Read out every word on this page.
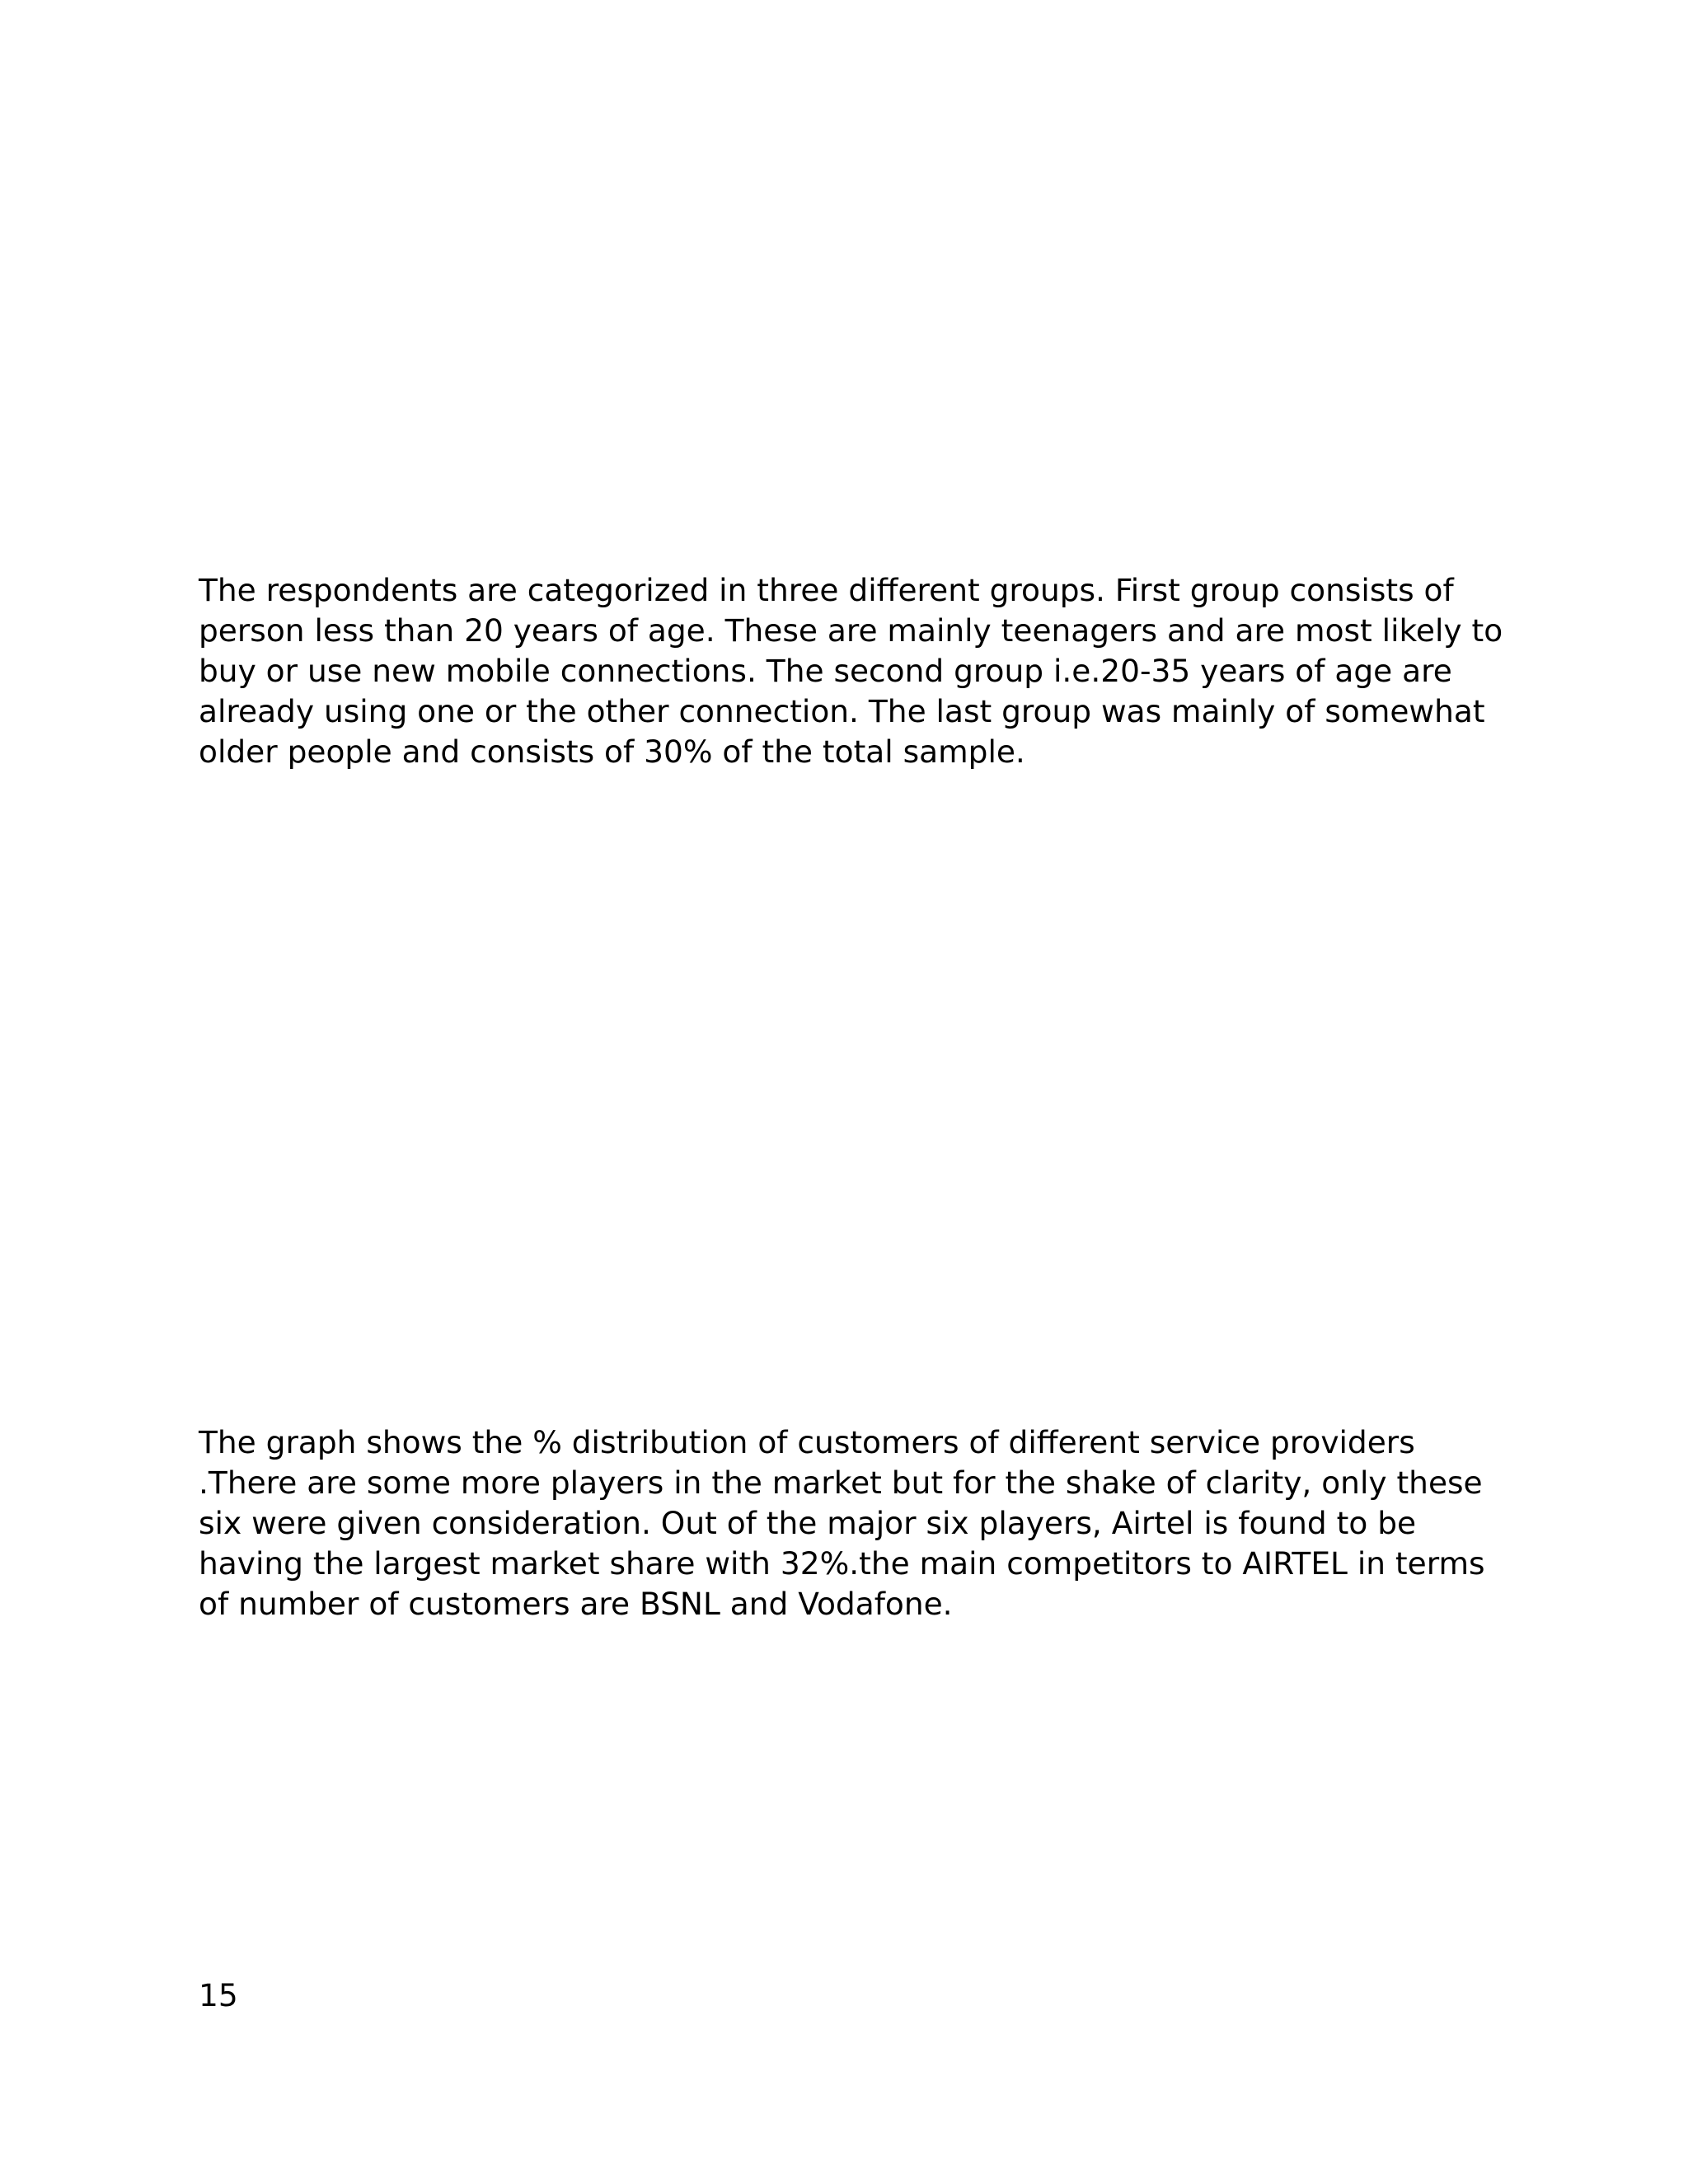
The respondents are categorized in three different groups. First group consists of
person less than 20 years of age. These are mainly teenagers and are most likely to
buy or use new mobile connections. The second group i.e.20-35 years of age are
already using one or the other connection. The last group was mainly of somewhat
older people and consists of 30% of the total sample.

The graph shows the % distribution of customers of different service providers
.There are some more players in the market but for the shake of clarity, only these
six were given consideration. Out of the major six players, Airtel is found to be
having the largest market share with 32%.the main competitors to AIRTEL in terms
of number of customers are BSNL and Vodafone.

15
